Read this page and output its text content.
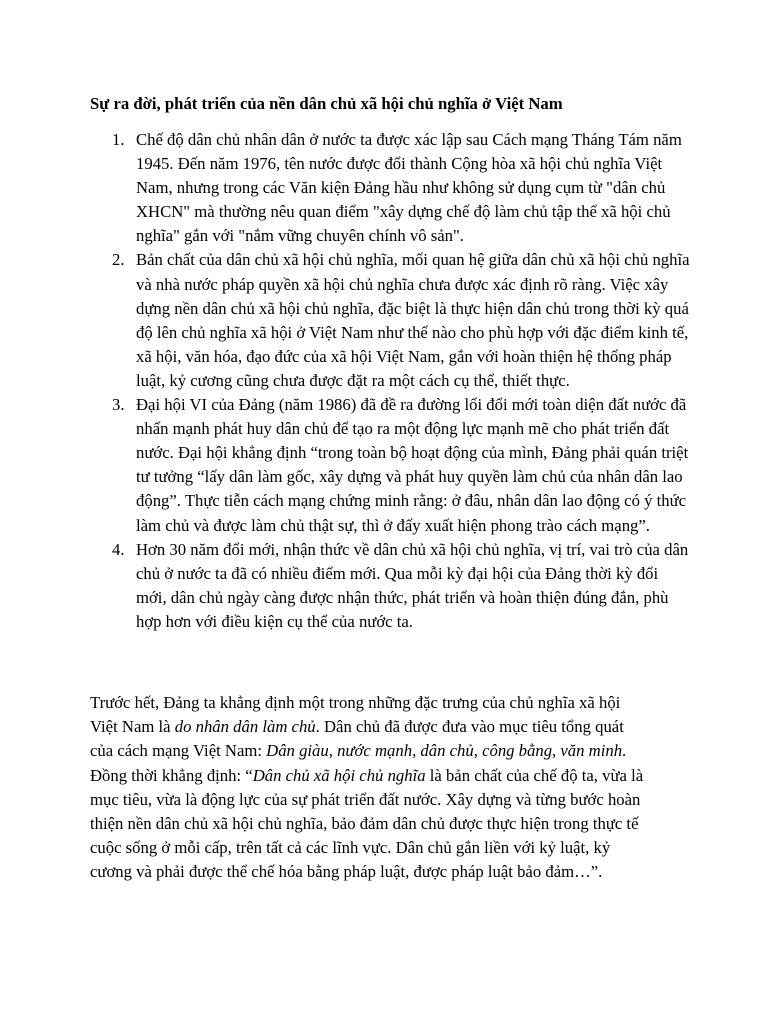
Sự ra đời, phát triển của nền dân chủ xã hội chủ nghĩa ở Việt Nam
1. Chế độ dân chủ nhân dân ở nước ta được xác lập sau Cách mạng Tháng Tám năm 1945. Đến năm 1976, tên nước được đổi thành Cộng hòa xã hội chủ nghĩa Việt Nam, nhưng trong các Văn kiện Đảng hầu như không sử dụng cụm từ "dân chủ XHCN" mà thường nêu quan điểm "xây dựng chế độ làm chủ tập thể xã hội chủ nghĩa" gắn với "nắm vững chuyên chính vô sản".
2. Bản chất của dân chủ xã hội chủ nghĩa, mối quan hệ giữa dân chủ xã hội chủ nghĩa và nhà nước pháp quyền xã hội chủ nghĩa chưa được xác định rõ ràng. Việc xây dựng nền dân chủ xã hội chủ nghĩa, đặc biệt là thực hiện dân chủ trong thời kỳ quá độ lên chủ nghĩa xã hội ở Việt Nam như thế nào cho phù hợp với đặc điểm kinh tế, xã hội, văn hóa, đạo đức của xã hội Việt Nam, gắn với hoàn thiện hệ thống pháp luật, kỷ cương cũng chưa được đặt ra một cách cụ thể, thiết thực.
3. Đại hội VI của Đảng (năm 1986) đã đề ra đường lối đổi mới toàn diện đất nước đã nhấn mạnh phát huy dân chủ để tạo ra một động lực mạnh mẽ cho phát triển đất nước. Đại hội khẳng định “trong toàn bộ hoạt động của mình, Đảng phải quán triệt tư tưởng “lấy dân làm gốc, xây dựng và phát huy quyền làm chủ của nhân dân lao động”. Thực tiễn cách mạng chứng minh rằng: ở đâu, nhân dân lao động có ý thức làm chủ và được làm chủ thật sự, thì ở đấy xuất hiện phong trào cách mạng”.
4. Hơn 30 năm đổi mới, nhận thức về dân chủ xã hội chủ nghĩa, vị trí, vai trò của dân chủ ở nước ta đã có nhiều điểm mới. Qua mỗi kỳ đại hội của Đảng thời kỳ đổi mới, dân chủ ngày càng được nhận thức, phát triển và hoàn thiện đúng đắn, phù hợp hơn với điều kiện cụ thể của nước ta.

Trước hết, Đảng ta khẳng định một trong những đặc trưng của chủ nghĩa xã hội Việt Nam là do nhân dân làm chủ. Dân chủ đã được đưa vào mục tiêu tổng quát của cách mạng Việt Nam: Dân giàu, nước mạnh, dân chủ, công bằng, văn minh. Đồng thời khẳng định: “Dân chủ xã hội chủ nghĩa là bản chất của chế độ ta, vừa là mục tiêu, vừa là động lực của sự phát triển đất nước. Xây dựng và từng bước hoàn thiện nền dân chủ xã hội chủ nghĩa, bảo đảm dân chủ được thực hiện trong thực tế cuộc sống ở mỗi cấp, trên tất cả các lĩnh vực. Dân chủ gắn liền với kỷ luật, kỷ cương và phải được thể chế hóa bằng pháp luật, được pháp luật bảo đảm…”.
